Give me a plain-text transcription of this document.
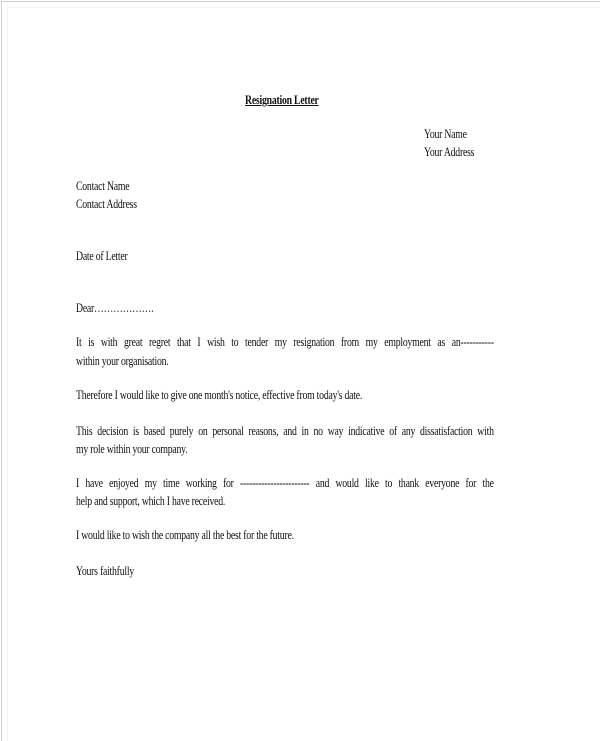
Resignation Letter
Your Name
Your Address
Contact Name
Contact Address
Date of Letter
Dear……………….
It is with great regret that I wish to tender my resignation from my employment as an-----------
within your organisation.
Therefore I would like to give one month's notice, effective from today's date.
This decision is based purely on personal reasons, and in no way indicative of any dissatisfaction with
my role within your company.
I have enjoyed my time working for ----------------------- and would like to thank everyone for the
help and support, which I have received.
I would like to wish the company all the best for the future.
Yours faithfully
